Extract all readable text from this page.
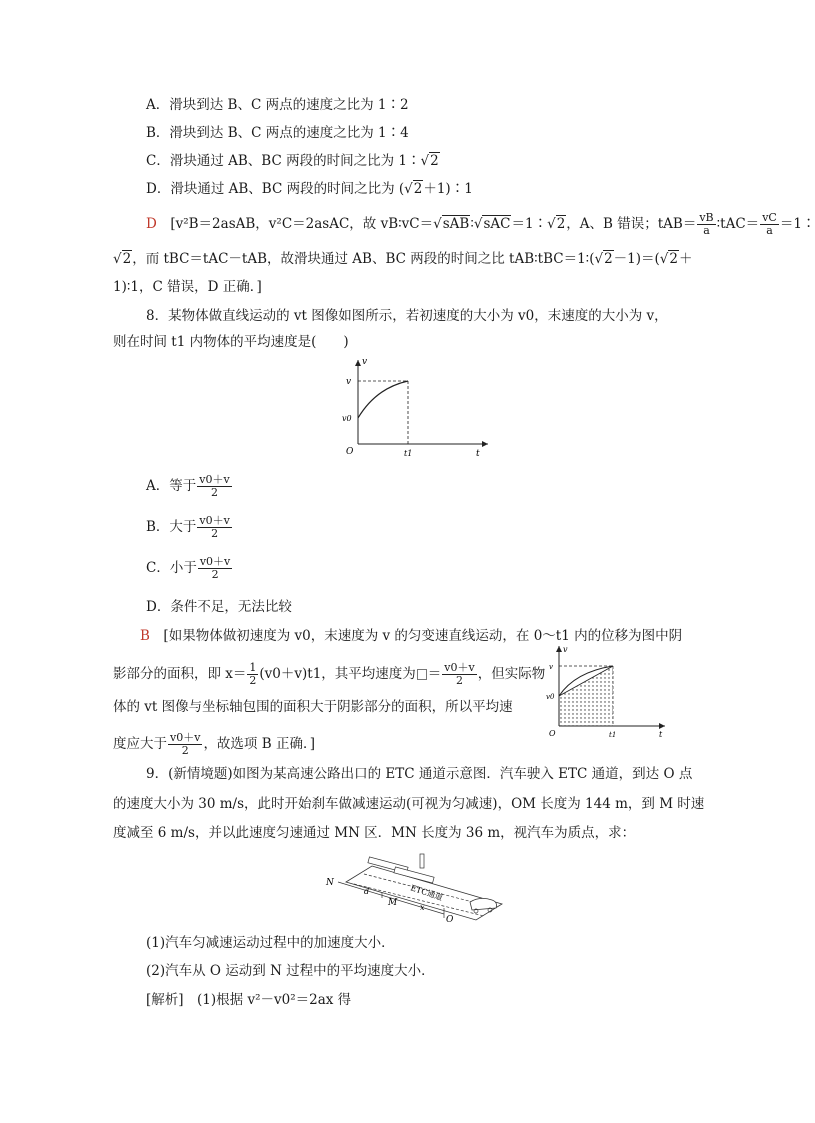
A．滑块到达 B、C 两点的速度之比为 1∶2
B．滑块到达 B、C 两点的速度之比为 1∶4
C．滑块通过 AB、BC 两段的时间之比为 1∶√2
D．滑块通过 AB、BC 两段的时间之比为 (√2＋1)∶1
D　 [v²B＝2asAB，v²C＝2asAC，故 vB∶vC＝√sAB∶√sAC＝1∶√2，A、B 错误；$tAB= \frac{vB}{a}$ ∶tAC＝ $\frac{vC}{a}$ ＝1∶
√2，而 tBC＝tAC－tAB，故滑块通过 AB、BC 两段的时间之比 tAB∶tBC＝1∶(√2－1)＝(√2＋
1)∶1，C 错误，D 正确．]
8．某物体做直线运动的 vt 图像如图所示，若初速度的大小为 v0，末速度的大小为 v，
则在时间 t1 内物体的平均速度是(　　)
v
t
O
v
v0
t1
A．等于 $\frac{v0+v}{2}$
B．大于 $\frac{v0+v}{2}$
C．小于 $\frac{v0+v}{2}$
D．条件不足，无法比较
B　 [如果物体做初速度为 v0，末速度为 v 的匀变速直线运动，在 0～t1 内的位移为图中阴
影部分的面积，即 $x= \frac{1}{2} (v0+v)t1$，其平均速度为 ＝ $\frac{v0+v}{2}$ ，但实际物
体的 vt 图像与坐标轴包围的面积大于阴影部分的面积，所以平均速
度应大于 $\frac{v0+v}{2}$ ，故选项 B 正确．]
v
t
O
v
v0
t1
9．(新情境题)如图为某高速公路出口的 ETC 通道示意图．汽车驶入 ETC 通道，到达 O 点
的速度大小为 30 m/s，此时开始刹车做减速运动(可视为匀减速)，OM 长度为 144 m，到 M 时速
度减至 6 m/s，并以此速度匀速通过 MN 区．MN 长度为 36 m，视汽车为质点，求：
ETC通道
N
M
O
d
x
(1)汽车匀减速运动过程中的加速度大小．
(2)汽车从 O 运动到 N 过程中的平均速度大小．
[解析]　(1)根据 v²－v0²＝2ax 得
